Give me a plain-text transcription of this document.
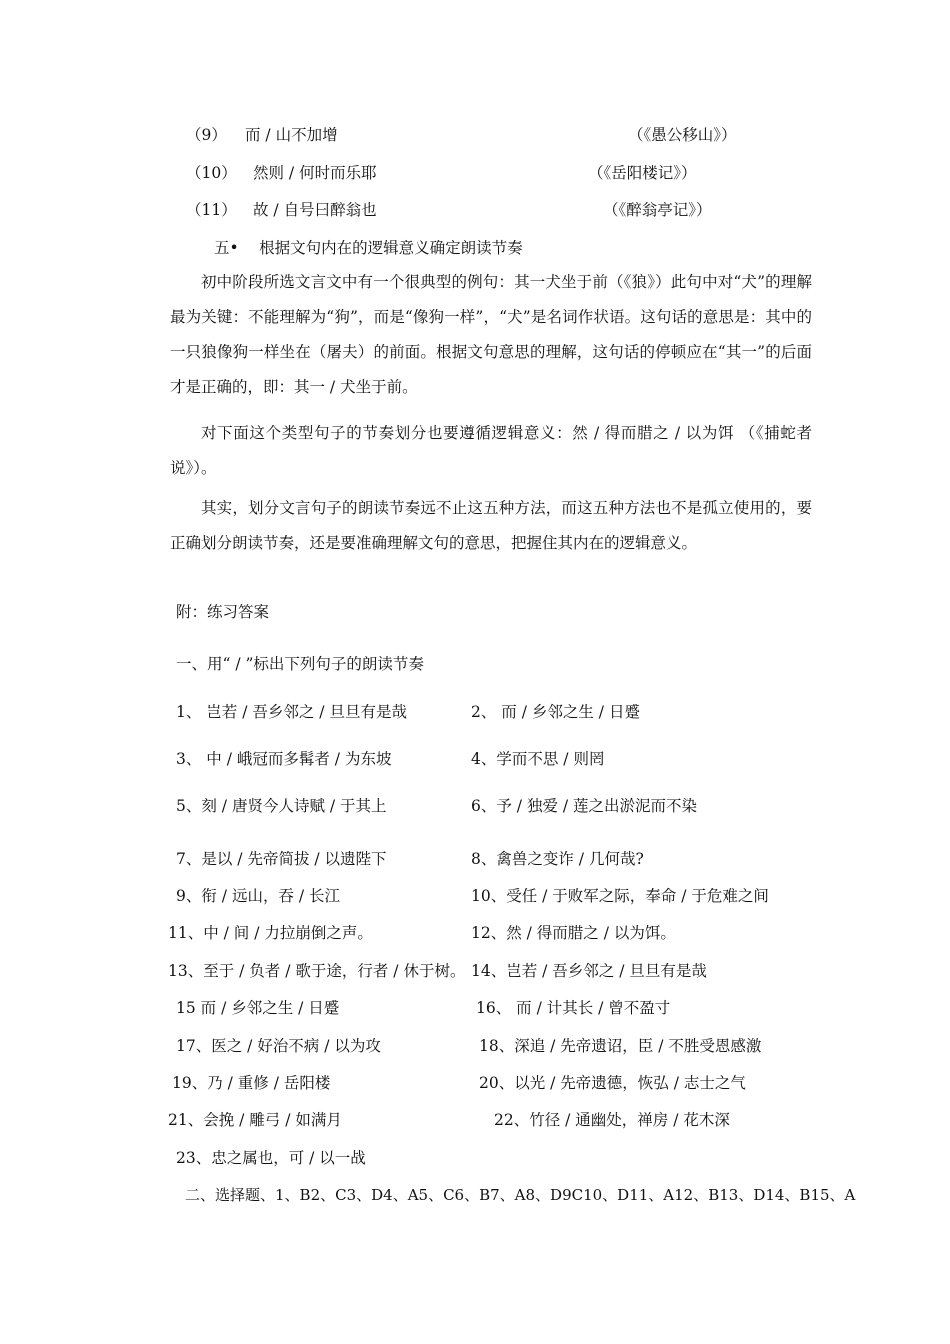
（9） 而 / 山不加增	（《愚公移山》）
（10） 然则 / 何时而乐耶	（《岳阳楼记》）
（11） 故 / 自号曰醉翁也	（《醉翁亭记》）
五•　 根据文句内在的逻辑意义确定朗读节奏
初中阶段所选文言文中有一个很典型的例句：其一犬坐于前（《狼》）此句中对“犬”的理解最为关键：不能理解为“狗”，而是“像狗一样”，“犬”是名词作状语。这句话的意思是：其中的一只狼像狗一样坐在（屠夫）的前面。根据文句意思的理解，这句话的停顿应在“其一”的后面才是正确的，即：其一 / 犬坐于前。
对下面这个类型句子的节奏划分也要遵循逻辑意义：然 / 得而腊之 / 以为饵 （《捕蛇者说》）。
其实，划分文言句子的朗读节奏远不止这五种方法，而这五种方法也不是孤立使用的，要正确划分朗读节奏，还是要准确理解文句的意思，把握住其内在的逻辑意义。
附：练习答案
一、用“ / ”标出下列句子的朗读节奏
1、 岂若 / 吾乡邻之 / 旦旦有是哉	2、 而 / 乡邻之生 / 日蹙
3、 中 / 峨冠而多髯者 / 为东坡	4、学而不思 / 则罔
5、刻 / 唐贤今人诗赋 / 于其上	6、予 / 独爱 / 莲之出淤泥而不染
7、是以 / 先帝简拔 / 以遗陛下	8、禽兽之变诈 / 几何哉?
9、衔 / 远山，吞 / 长江	10、受任 / 于败军之际，奉命 / 于危难之间
11、中 / 间 / 力拉崩倒之声。	12、然 / 得而腊之 / 以为饵。
13、至于 / 负者 / 歌于途，行者 / 休于树。 14、岂若 / 吾乡邻之 / 旦旦有是哉
15 而 / 乡邻之生 / 日蹙	16、 而 / 计其长 / 曾不盈寸
17、医之 / 好治不病 / 以为攻	18、深追 / 先帝遗诏，臣 / 不胜受恩感激
19、乃 / 重修 / 岳阳楼	20、以光 / 先帝遗德，恢弘 / 志士之气
21、会挽 / 雕弓 / 如满月	22、竹径 / 通幽处，禅房 / 花木深
23、忠之属也，可 / 以一战
二、选择题、1、B2、C3、D4、A5、C6、B7、A8、D9C10、D11、A12、B13、D14、B15、A
